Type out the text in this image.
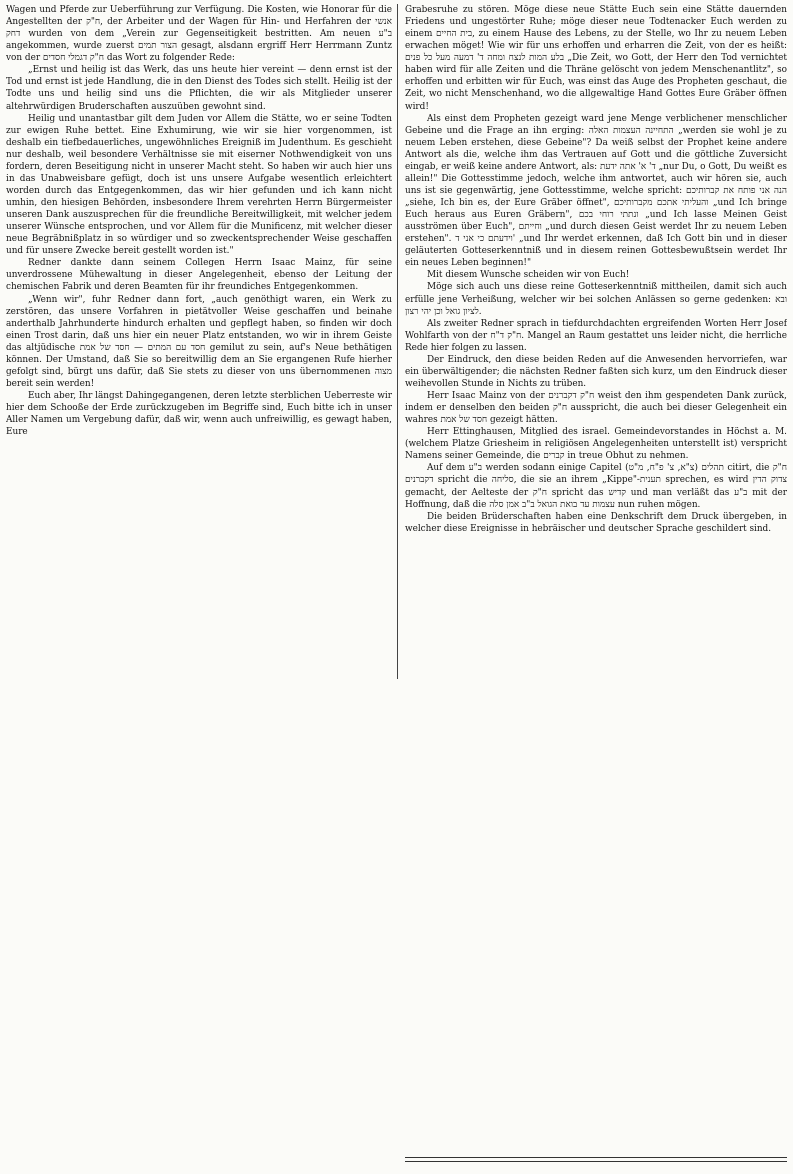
Wagen und Pferde zur Ueberführung zur Verfügung. Die Kosten, wie Honorar für die Angestellten der ח"ק, der Arbeiter und der Wagen für Hin- und Herfahren der אנשי דחק wurden von dem „Verein zur Gegenseitigkeit bestritten. Am neuen ב"ע angekommen, wurde zuerst הצור תמים gesagt, alsdann ergriff Herr Herrmann Zuntz von der ח"ק דגמלי חסדים das Wort zu folgender Rede:

„Ernst und heilig ist das Werk, das uns heute hier vereint — denn ernst ist der Tod und ernst ist jede Handlung, die in den Dienst des Todes sich stellt. Heilig ist der Todte uns und heilig sind uns die Pflichten, die wir als Mitglieder unserer altehrwürdigen Bruderschaften auszuüben gewohnt sind.

Heilig und unantastbar gilt dem Juden vor Allem die Stätte, wo er seine Todten zur ewigen Ruhe bettet. Eine Exhumirung, wie wir sie hier vorgenommen, ist deshalb ein tiefbedauerliches, ungewöhnliches Ereigniß im Judenthum. Es geschieht nur deshalb, weil besondere Verhältnisse sie mit eiserner Nothwendigkeit von uns fordern, deren Beseitigung nicht in unserer Macht steht. So haben wir auch hier uns in das Unabweisbare gefügt, doch ist uns unsere Aufgabe wesentlich erleichtert worden durch das Entgegenkommen, das wir hier gefunden und ich kann nicht umhin, den hiesigen Behörden, insbesondere Ihrem verehrten Herrn Bürgermeister unseren Dank auszusprechen für die freundliche Bereitwilligkeit, mit welcher jedem unserer Wünsche entsprochen, und vor Allem für die Munificenz, mit welcher dieser neue Begräbnißplatz in so würdiger und so zweckentsprechender Weise geschaffen und für unsere Zwecke bereit gestellt worden ist."

Redner dankte dann seinem Collegen Herrn Isaac Mainz, für seine unverdrossene Mühewaltung in dieser Angelegenheit, ebenso der Leitung der chemischen Fabrik und deren Beamten für ihr freundiches Entgegenkommen.

„Wenn wir", fuhr Redner dann fort, „auch genöthigt waren, ein Werk zu zerstören, das unsere Vorfahren in pietätvoller Weise geschaffen und beinahe anderthalb Jahrhunderte hindurch erhalten und gepflegt haben, so finden wir doch einen Trost darin, daß uns hier ein neuer Platz entstanden, wo wir in ihrem Geiste das altjüdische חסד עם המתים — חסד של אמת gemilut zu sein, auf's Neue bethätigen können. Der Umstand, daß Sie so bereitwillig dem an Sie ergangenen Rufe hierher gefolgt sind, bürgt uns dafür, daß Sie stets zu dieser von uns übernommenen מצוה bereit sein werden!

Euch aber, Ihr längst Dahingegangenen, deren letzte sterblichen Ueberreste wir hier dem Schooße der Erde zurückzugeben im Begriffe sind, Euch bitte ich in unser Aller Namen um Vergebung dafür, daß wir, wenn auch unfreiwillig, es gewagt haben, Eure

Grabesruhe zu stören. Möge diese neue Stätte Euch sein eine Stätte dauernden Friedens und ungestörter Ruhe; möge dieser neue Todtenacker Euch werden zu einem בית החיים, zu einem Hause des Lebens, zu der Stelle, wo Ihr zu neuem Leben erwachen möget! Wie wir für uns erhoffen und erharren die Zeit, von der es heißt: בלע המות לנצח ומחה ד' דמעה מעל כל פנים „Die Zeit, wo Gott, der Herr den Tod vernichtet haben wird für alle Zeiten und die Thräne gelöscht von jedem Menschenantlitz", so erhoffen und erbitten wir für Euch, was einst das Auge des Propheten geschaut, die Zeit, wo nicht Menschenhand, wo die allgewaltige Hand Gottes Eure Gräber öffnen wird!

Als einst dem Propheten gezeigt ward jene Menge verblichener menschlicher Gebeine und die Frage an ihn erging: התחיינה העצמות האלה „werden sie wohl je zu neuem Leben erstehen, diese Gebeine"? Da weiß selbst der Prophet keine andere Antwort als die, welche ihm das Vertrauen auf Gott und die göttliche Zuversicht eingab, er weiß keine andere Antwort, als: ד' א' אתה ידעת „nur Du, o Gott, Du weißt es allein!" Die Gottesstimme jedoch, welche ihm antwortet, auch wir hören sie, auch uns ist sie gegenwärtig, jene Gottesstimme, welche spricht: הנה אני פותח את קברותיכם „siehe, Ich bin es, der Eure Gräber öffnet", והעליתי אתכם מקברותיכם „und Ich bringe Euch heraus aus Euren Gräbern", ונתתי רוחי בכם „und Ich lasse Meinen Geist ausströmen über Euch", וחייתם „und durch diesen Geist werdet Ihr zu neuem Leben erstehen". וידעתם כי אני ד' „und Ihr werdet erkennen, daß Ich Gott bin und in dieser geläuterten Gotteserkenntniß und in diesem reinen Gottesbewußtsein werdet Ihr ein neues Leben beginnen!"

Mit diesem Wunsche scheiden wir von Euch!

Möge sich auch uns diese reine Gotteserkenntniß mittheilen, damit sich auch erfülle jene Verheißung, welcher wir bei solchen Anlässen so gerne gedenken: ובא לציון גואל וכן יהי רצון.

Als zweiter Redner sprach in tiefdurchdachten ergreifenden Worten Herr Josef Wohlfarth von der ח"ק ד"ח. Mangel an Raum gestattet uns leider nicht, die herrliche Rede hier folgen zu lassen.

Der Eindruck, den diese beiden Reden auf die Anwesenden hervorriefen, war ein überwältigender; die nächsten Redner faßten sich kurz, um den Eindruck dieser weihevollen Stunde in Nichts zu trüben.

Herr Isaac Mainz von der ח"ק דקברנים weist den ihm gespendeten Dank zurück, indem er denselben den beiden ח"ק ausspricht, die auch bei dieser Gelegenheit ein wahres חסד של אמת gezeigt hätten.

Herr Ettinghausen, Mitglied des israel. Gemeindevorstandes in Höchst a. M. (welchem Platze Griesheim in religiösen Angelegenheiten unterstellt ist) verspricht Namens seiner Gemeinde, die קברים in treue Obhut zu nehmen.

Auf dem ב"ע werden sodann einige Capitel תהלים (צ"א, צ' פ"ח, מ"ט) citirt, die ח"ק דקברנים spricht die סליחה, die sie an ihrem „Kippe"-תענית sprechen, es wird צדוק הדין gemacht, der Aelteste der ח"ק spricht das קדיש und man verläßt das ב"ע mit der Hoffnung, daß die עצמות עד בואת הגואל ב"ב אמן סלה nun ruhen mögen.

Die beiden Brüderschaften haben eine Denkschrift dem Druck übergeben, in welcher diese Ereignisse in hebräischer und deutscher Sprache geschildert sind.
